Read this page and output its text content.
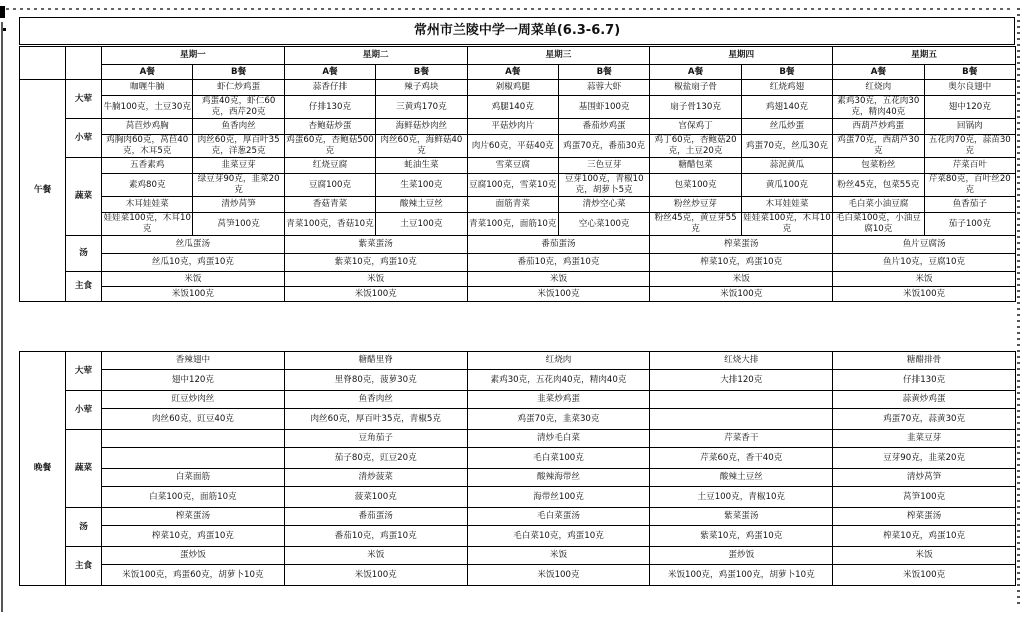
常州市兰陵中学一周菜单(6.3-6.7)
		星期一		星期二		星期三		星期四		星期五	
		A餐	B餐	A餐	B餐	A餐	B餐	A餐	B餐	A餐	B餐
午餐	大荤	咖喱牛腩	虾仁炒鸡蛋	蒜香仔排	辣子鸡块	剁椒鸡腿	蒜蓉大虾	椒盐扇子骨	红烧鸡翅	红烧肉	奥尔良翅中
		牛腩100克，土豆30克	鸡蛋40克，虾仁60克，西芹20克	仔排130克	三黄鸡170克	鸡腿140克	基围虾100克	扇子骨130克	鸡翅140克	素鸡30克，五花肉30克，精肉40克	翅中120克
	小荤	莴苣炒鸡胸	鱼香肉丝	杏鲍菇炒蛋	海鲜菇炒肉丝	平菇炒肉片	番茄炒鸡蛋	宫保鸡丁	丝瓜炒蛋	西葫芦炒鸡蛋	回锅肉
		鸡胸肉60克，莴苣40克，木耳5克	肉丝60克，厚百叶35克，洋葱25克	鸡蛋60克，杏鲍菇500克	肉丝60克，海鲜菇40克	肉片60克，平菇40克	鸡蛋70克，番茄30克	鸡丁60克，杏鲍菇20克，土豆20克	鸡蛋70克，丝瓜30克	鸡蛋70克，西葫芦30克	五花肉70克，蒜苗30克
	蔬菜	五香素鸡	韭菜豆芽	红烧豆腐	蚝油生菜	雪菜豆腐	三色豆芽	糖醋包菜	蒜泥黄瓜	包菜粉丝	芹菜百叶
		素鸡80克	绿豆芽90克，韭菜20克	豆腐100克	生菜100克	豆腐100克，雪菜10克	豆芽100克，青椒10克，胡萝卜5克	包菜100克	黄瓜100克	粉丝45克，包菜55克	芹菜80克，百叶丝20克
		木耳娃娃菜	清炒莴笋	香菇青菜	酸辣土豆丝	面筋青菜	清炒空心菜	粉丝炒豆芽	木耳娃娃菜	毛白菜小油豆腐	鱼香茄子
		娃娃菜100克，木耳10克	莴笋100克	青菜100克，香菇10克	土豆100克	青菜100克，面筋10克	空心菜100克	粉丝45克，黄豆芽55克	娃娃菜100克，木耳10克	毛白菜100克，小油豆腐10克	茄子100克
	汤	丝瓜蛋汤		紫菜蛋汤		番茄蛋汤		榨菜蛋汤		鱼片豆腐汤	
		丝瓜10克，鸡蛋10克		紫菜10克，鸡蛋10克		番茄10克，鸡蛋10克		榨菜10克，鸡蛋10克		鱼片10克，豆腐10克	
	主食	米饭		米饭		米饭		米饭		米饭	
		米饭100克		米饭100克		米饭100克		米饭100克		米饭100克	
晚餐	大荤	香辣翅中	糖醋里脊	红烧肉	红烧大排	糖醋排骨
		翅中120克	里脊80克，菠萝30克	素鸡30克，五花肉40克，精肉40克	大排120克	仔排130克
	小荤	豇豆炒肉丝	鱼香肉丝	韭菜炒鸡蛋		蒜黄炒鸡蛋
		肉丝60克，豇豆40克	肉丝60克，厚百叶35克，青椒5克	鸡蛋70克，韭菜30克		鸡蛋70克，蒜黄30克
	蔬菜		豆角茄子	清炒毛白菜	芹菜香干	韭菜豆芽
			茄子80克，豇豆20克	毛白菜100克	芹菜60克，香干40克	豆芽90克，韭菜20克
		白菜面筋	清炒菠菜	酸辣海带丝	酸辣土豆丝	清炒莴笋
		白菜100克，面筋10克	菠菜100克	海带丝100克	土豆100克，青椒10克	莴笋100克
	汤	榨菜蛋汤	番茄蛋汤	毛白菜蛋汤	紫菜蛋汤	榨菜蛋汤
		榨菜10克，鸡蛋10克	番茄10克，鸡蛋10克	毛白菜10克，鸡蛋10克	紫菜10克，鸡蛋10克	榨菜10克，鸡蛋10克
	主食	蛋炒饭	米饭	米饭	蛋炒饭	米饭
		米饭100克，鸡蛋60克，胡萝卜10克	米饭100克	米饭100克	米饭100克，鸡蛋100克，胡萝卜10克	米饭100克
